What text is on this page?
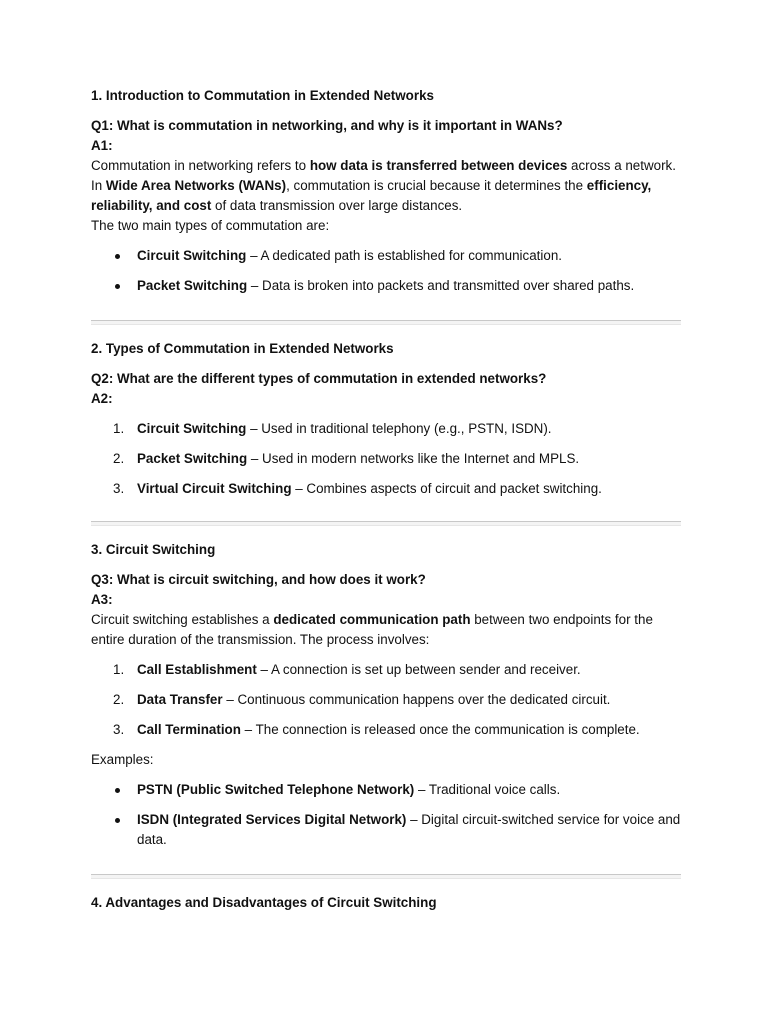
1. Introduction to Commutation in Extended Networks

Q1: What is commutation in networking, and why is it important in WANs?

A1:

Commutation in networking refers to how data is transferred between devices across a network. In Wide Area Networks (WANs), commutation is crucial because it determines the efficiency, reliability, and cost of data transmission over large distances.

The two main types of commutation are:

Circuit Switching – A dedicated path is established for communication.
Packet Switching – Data is broken into packets and transmitted over shared paths.

2. Types of Commutation in Extended Networks

Q2: What are the different types of commutation in extended networks?

A2:

1. Circuit Switching – Used in traditional telephony (e.g., PSTN, ISDN).
2. Packet Switching – Used in modern networks like the Internet and MPLS.
3. Virtual Circuit Switching – Combines aspects of circuit and packet switching.

3. Circuit Switching

Q3: What is circuit switching, and how does it work?

A3:

Circuit switching establishes a dedicated communication path between two endpoints for the entire duration of the transmission. The process involves:

1. Call Establishment – A connection is set up between sender and receiver.
2. Data Transfer – Continuous communication happens over the dedicated circuit.
3. Call Termination – The connection is released once the communication is complete.

Examples:

PSTN (Public Switched Telephone Network) – Traditional voice calls.
ISDN (Integrated Services Digital Network) – Digital circuit-switched service for voice and data.

4. Advantages and Disadvantages of Circuit Switching
